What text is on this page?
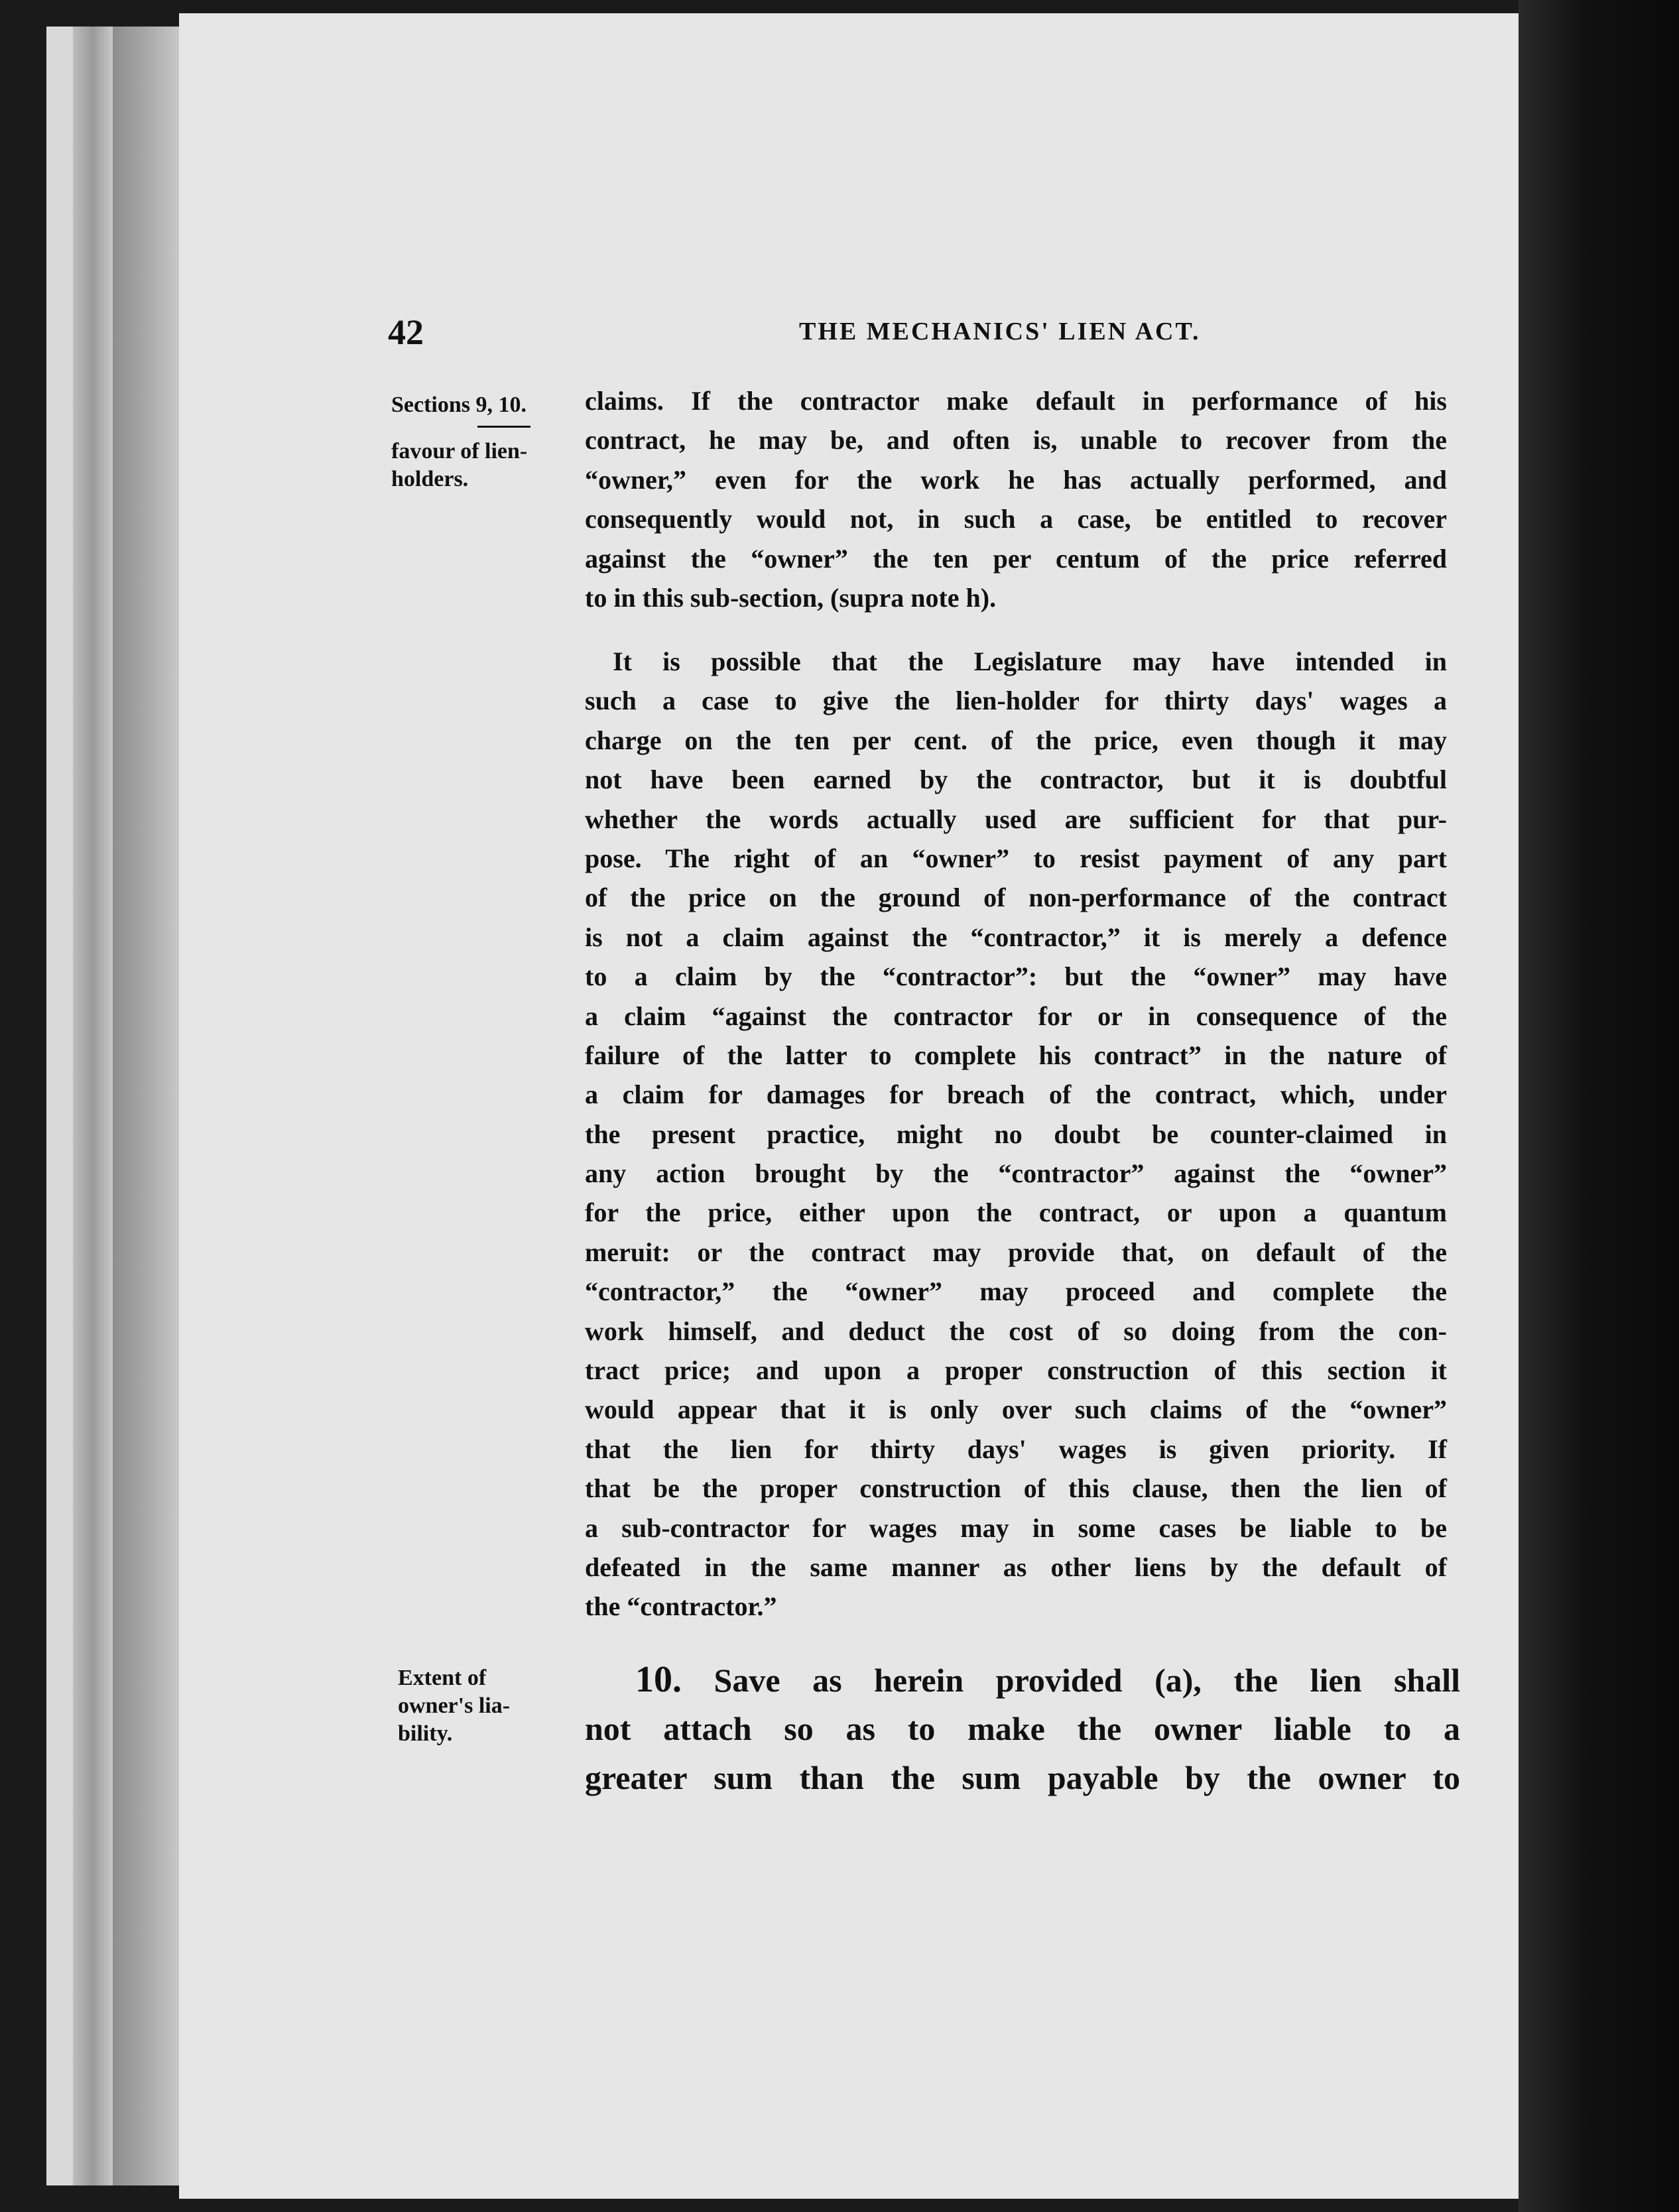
42	THE MECHANICS' LIEN ACT.
Sections 9, 10.
favour of lien-
holders.
Extent of
owner's lia-
bility.
claims. If the contractor make default in performance of his
contract, he may be, and often is, unable to recover from the
“owner,” even for the work he has actually performed, and
consequently would not, in such a case, be entitled to recover
against the “owner” the ten per centum of the price referred
to in this sub-section, (supra note h).
It is possible that the Legislature may have intended in
such a case to give the lien-holder for thirty days' wages a
charge on the ten per cent. of the price, even though it may
not have been earned by the contractor, but it is doubtful
whether the words actually used are sufficient for that pur-
pose. The right of an “owner” to resist payment of any part
of the price on the ground of non-performance of the contract
is not a claim against the “contractor,” it is merely a defence
to a claim by the “contractor”: but the “owner” may have
a claim “against the contractor for or in consequence of the
failure of the latter to complete his contract” in the nature of
a claim for damages for breach of the contract, which, under
the present practice, might no doubt be counter-claimed in
any action brought by the “contractor” against the “owner”
for the price, either upon the contract, or upon a quantum
meruit: or the contract may provide that, on default of the
“contractor,” the “owner” may proceed and complete the
work himself, and deduct the cost of so doing from the con-
tract price; and upon a proper construction of this section it
would appear that it is only over such claims of the “owner”
that the lien for thirty days' wages is given priority. If
that be the proper construction of this clause, then the lien of
a sub-contractor for wages may in some cases be liable to be
defeated in the same manner as other liens by the default of
the “contractor.”
10. Save as herein provided (a), the lien shall
not attach so as to make the owner liable to a
greater sum than the sum payable by the owner to
